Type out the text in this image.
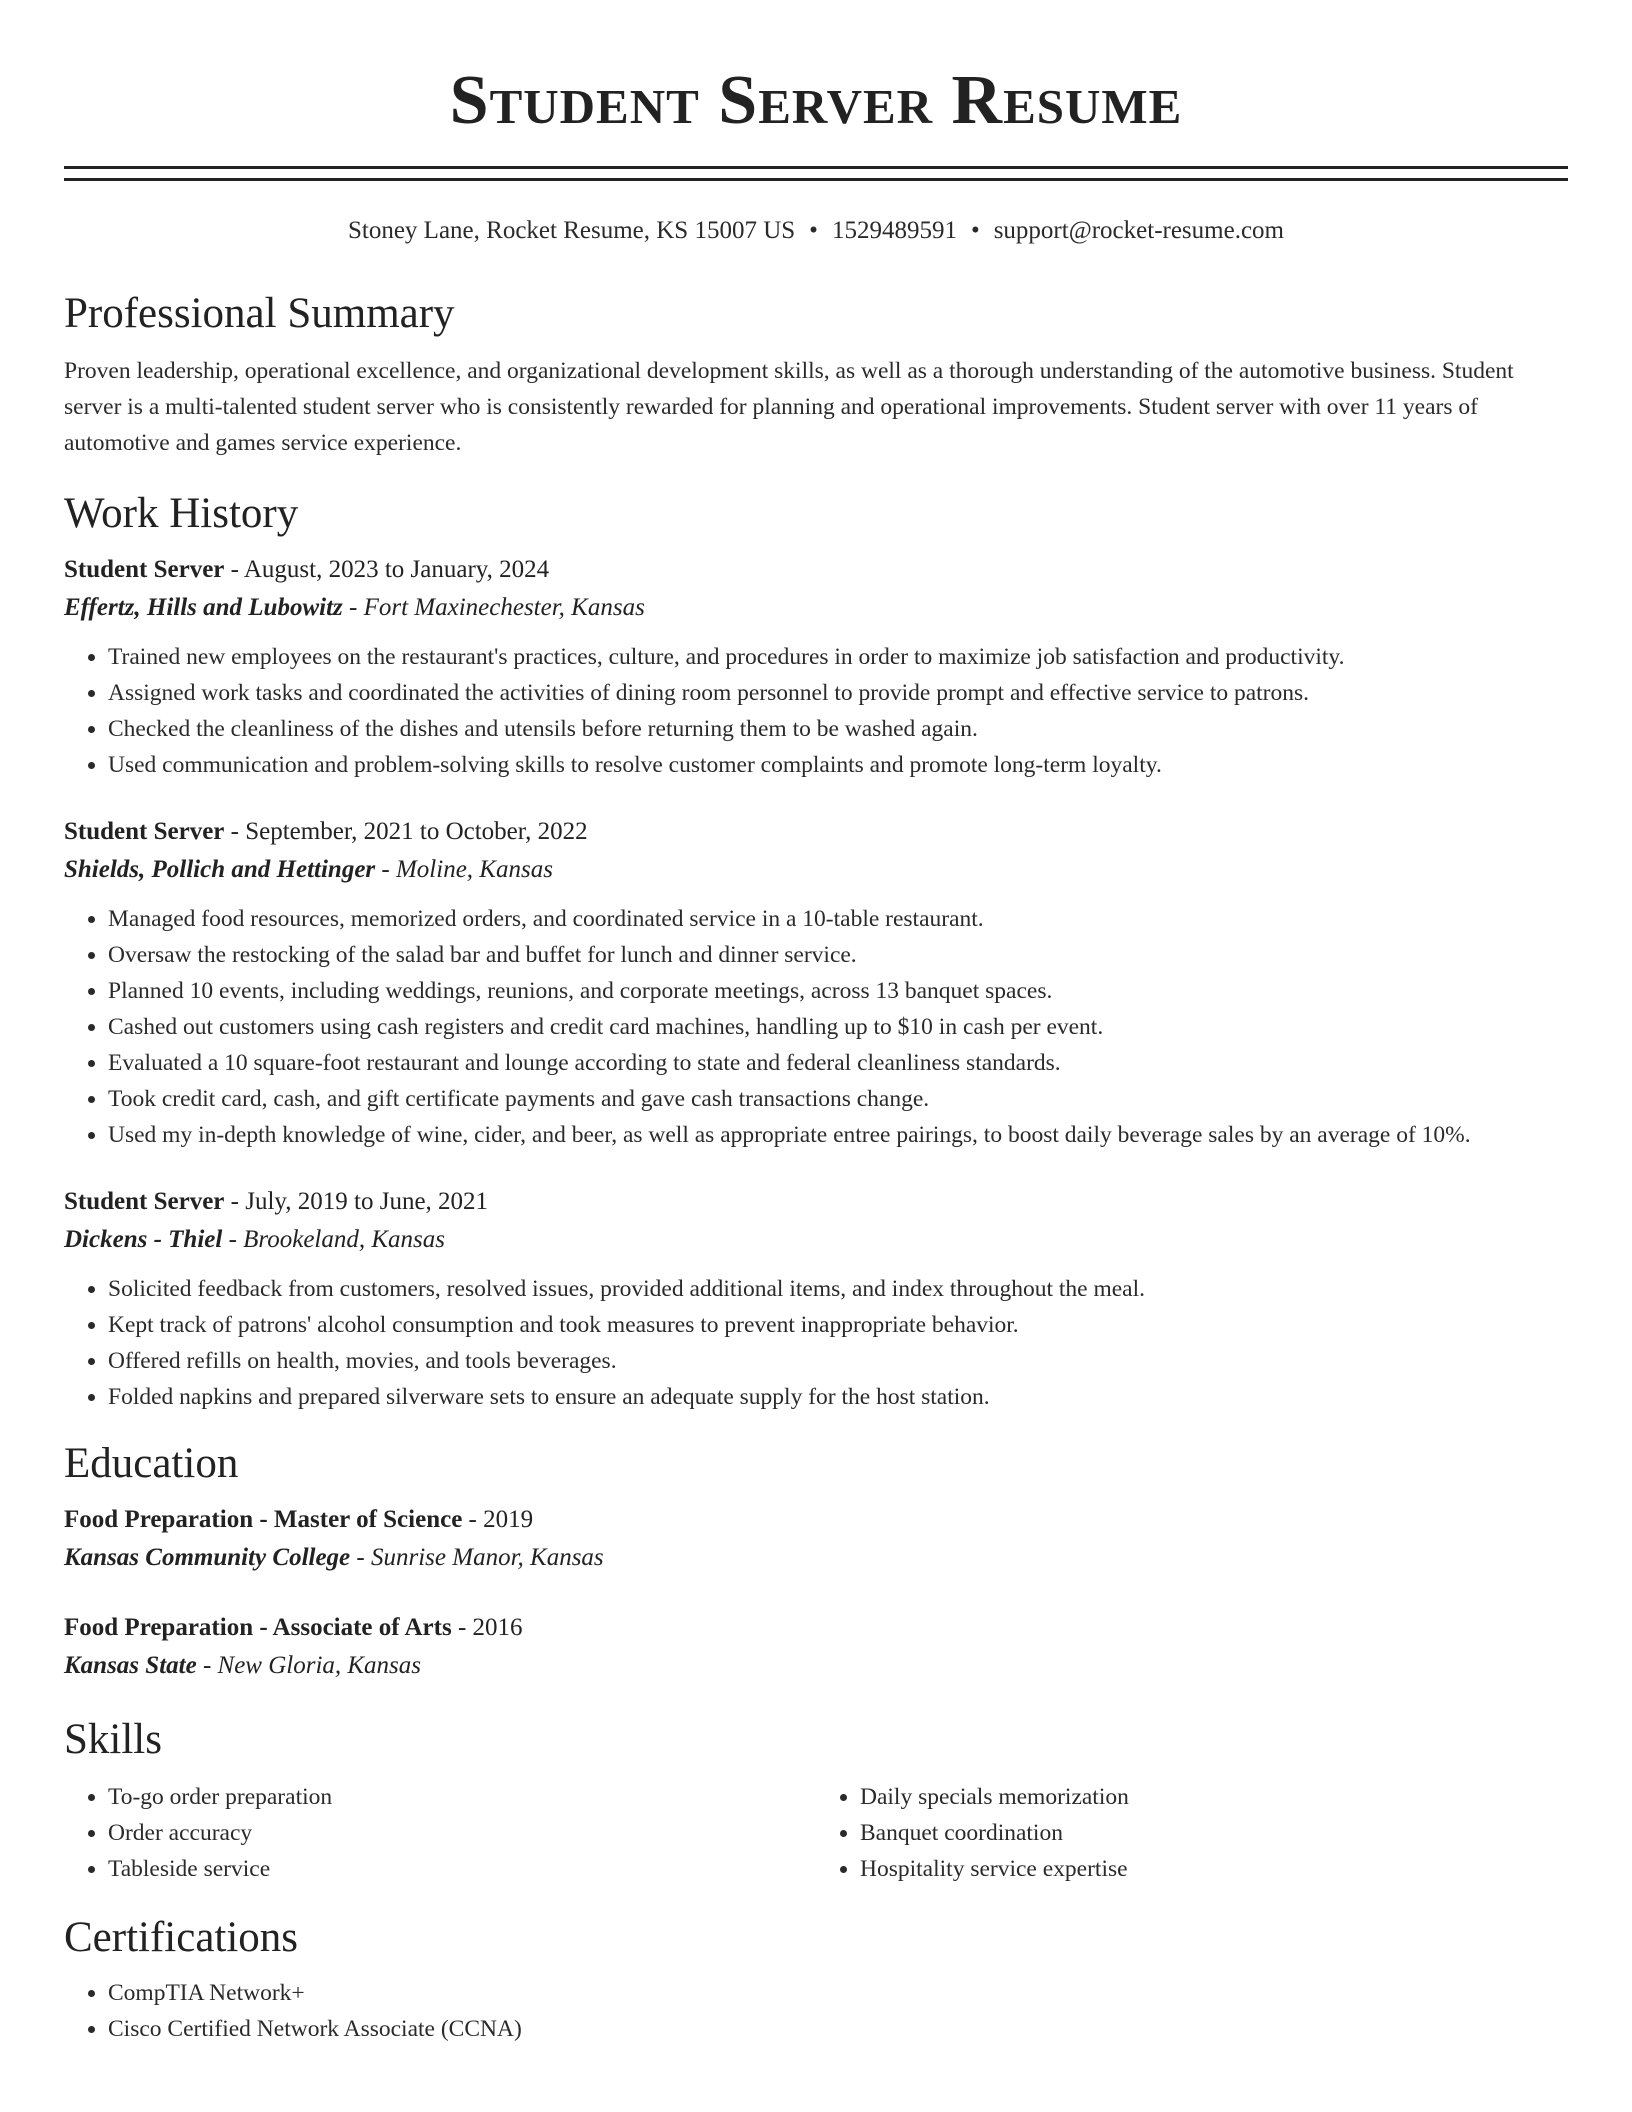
Student Server Resume
Stoney Lane, Rocket Resume, KS 15007 US • 1529489591 • support@rocket-resume.com
Professional Summary

Proven leadership, operational excellence, and organizational development skills, as well as a thorough understanding of the automotive business. Student server is a multi-talented student server who is consistently rewarded for planning and operational improvements. Student server with over 11 years of automotive and games service experience.

Work History
Student Server - August, 2023 to January, 2024
Effertz, Hills and Lubowitz - Fort Maxinechester, Kansas
• Trained new employees on the restaurant's practices, culture, and procedures in order to maximize job satisfaction and productivity.
• Assigned work tasks and coordinated the activities of dining room personnel to provide prompt and effective service to patrons.
• Checked the cleanliness of the dishes and utensils before returning them to be washed again.
• Used communication and problem-solving skills to resolve customer complaints and promote long-term loyalty.
Student Server - September, 2021 to October, 2022
Shields, Pollich and Hettinger - Moline, Kansas
• Managed food resources, memorized orders, and coordinated service in a 10-table restaurant.
• Oversaw the restocking of the salad bar and buffet for lunch and dinner service.
• Planned 10 events, including weddings, reunions, and corporate meetings, across 13 banquet spaces.
• Cashed out customers using cash registers and credit card machines, handling up to $10 in cash per event.
• Evaluated a 10 square-foot restaurant and lounge according to state and federal cleanliness standards.
• Took credit card, cash, and gift certificate payments and gave cash transactions change.
• Used my in-depth knowledge of wine, cider, and beer, as well as appropriate entree pairings, to boost daily beverage sales by an average of 10%.
Student Server - July, 2019 to June, 2021
Dickens - Thiel - Brookeland, Kansas
• Solicited feedback from customers, resolved issues, provided additional items, and index throughout the meal.
• Kept track of patrons' alcohol consumption and took measures to prevent inappropriate behavior.
• Offered refills on health, movies, and tools beverages.
• Folded napkins and prepared silverware sets to ensure an adequate supply for the host station.
Education
Food Preparation - Master of Science - 2019
Kansas Community College - Sunrise Manor, Kansas
Food Preparation - Associate of Arts - 2016
Kansas State - New Gloria, Kansas
Skills
• To-go order preparation
• Order accuracy
• Tableside service
• Daily specials memorization
• Banquet coordination
• Hospitality service expertise
Certifications
• CompTIA Network+
• Cisco Certified Network Associate (CCNA)
